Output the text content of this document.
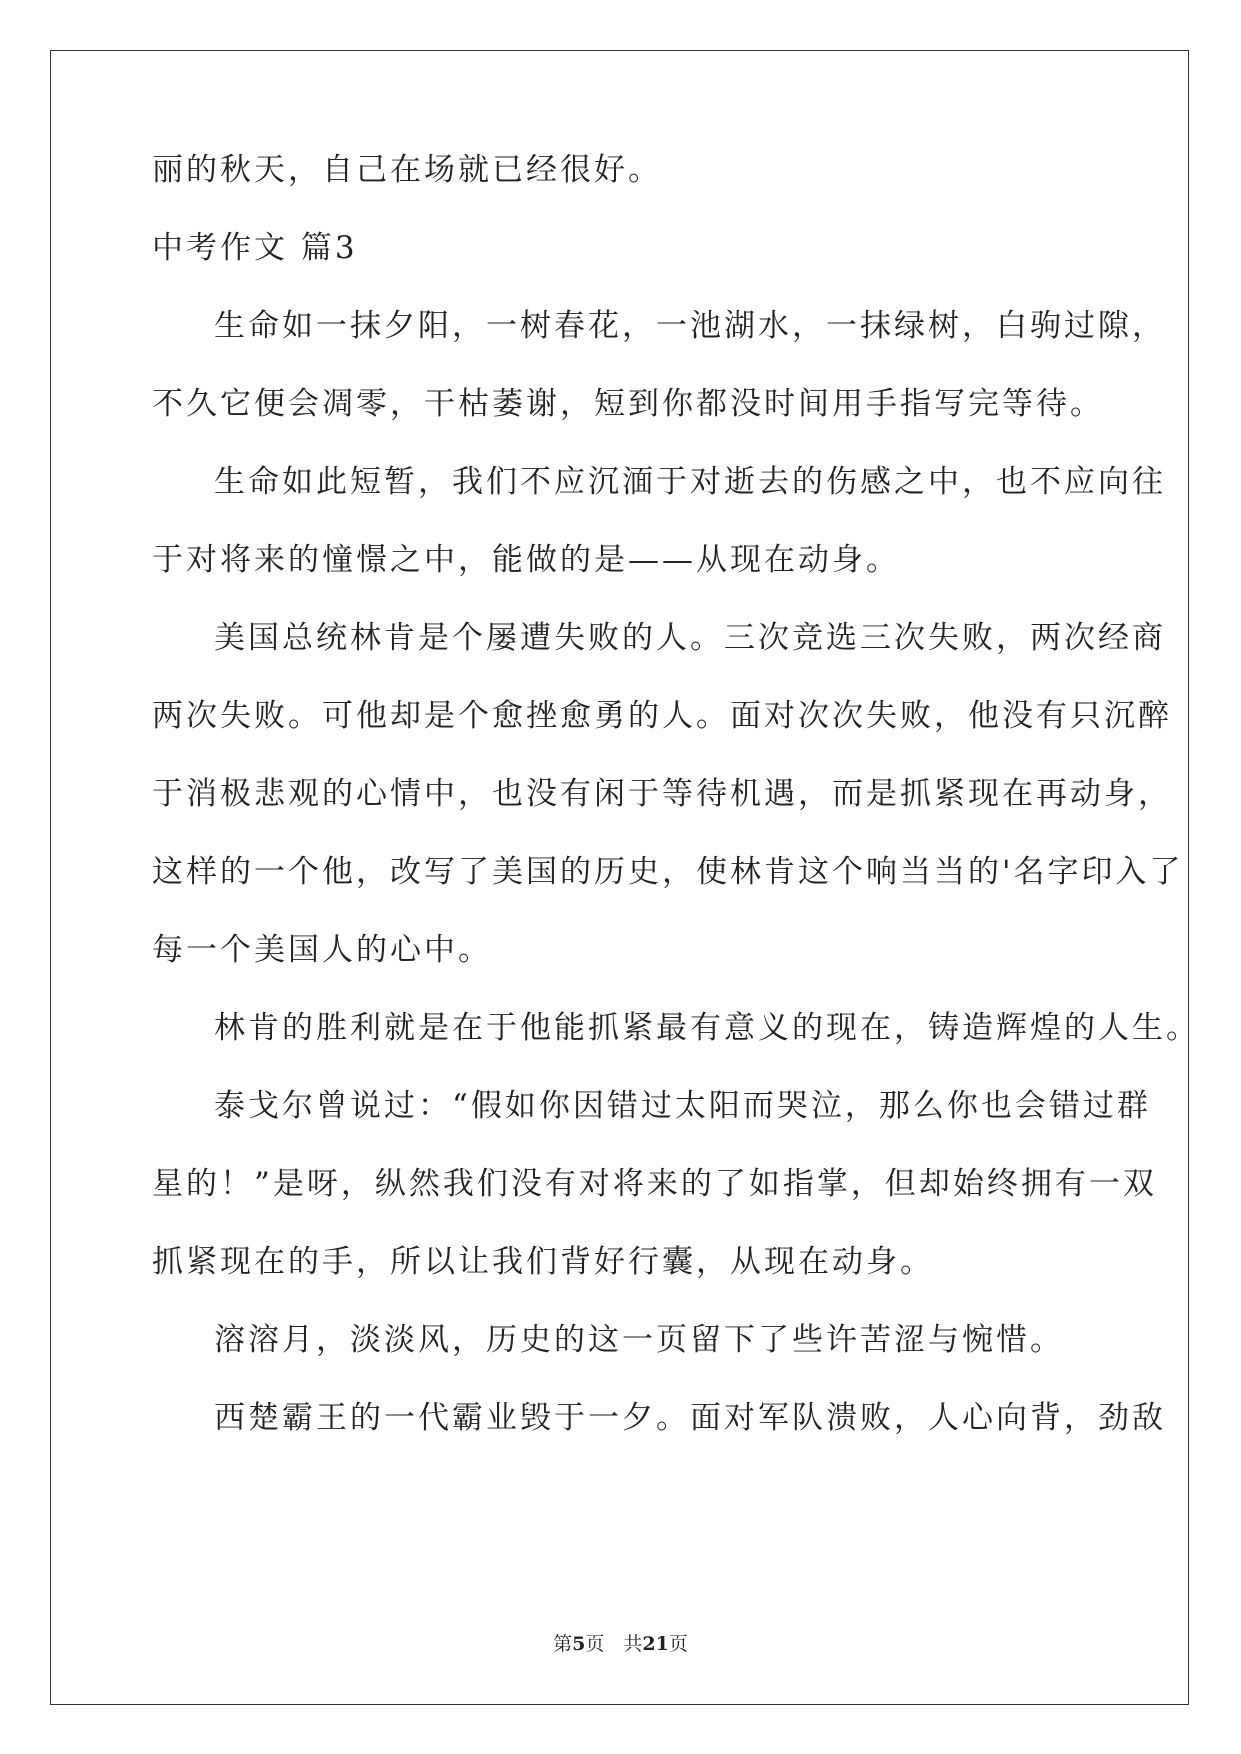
丽的秋天，自己在场就已经很好。
中考作文 篇3
生命如一抹夕阳，一树春花，一池湖水，一抹绿树，白驹过隙，
不久它便会凋零，干枯萎谢，短到你都没时间用手指写完等待。
生命如此短暂，我们不应沉湎于对逝去的伤感之中，也不应向往
于对将来的憧憬之中，能做的是——从现在动身。
美国总统林肯是个屡遭失败的人。三次竞选三次失败，两次经商
两次失败。可他却是个愈挫愈勇的人。面对次次失败，他没有只沉醉
于消极悲观的心情中，也没有闲于等待机遇，而是抓紧现在再动身，
这样的一个他，改写了美国的历史，使林肯这个响当当的'名字印入了
每一个美国人的心中。
林肯的胜利就是在于他能抓紧最有意义的现在，铸造辉煌的人生。
泰戈尔曾说过：“假如你因错过太阳而哭泣，那么你也会错过群
星的！”是呀，纵然我们没有对将来的了如指掌，但却始终拥有一双
抓紧现在的手，所以让我们背好行囊，从现在动身。
溶溶月，淡淡风，历史的这一页留下了些许苦涩与惋惜。
西楚霸王的一代霸业毁于一夕。面对军队溃败，人心向背，劲敌
第5页　共21页
